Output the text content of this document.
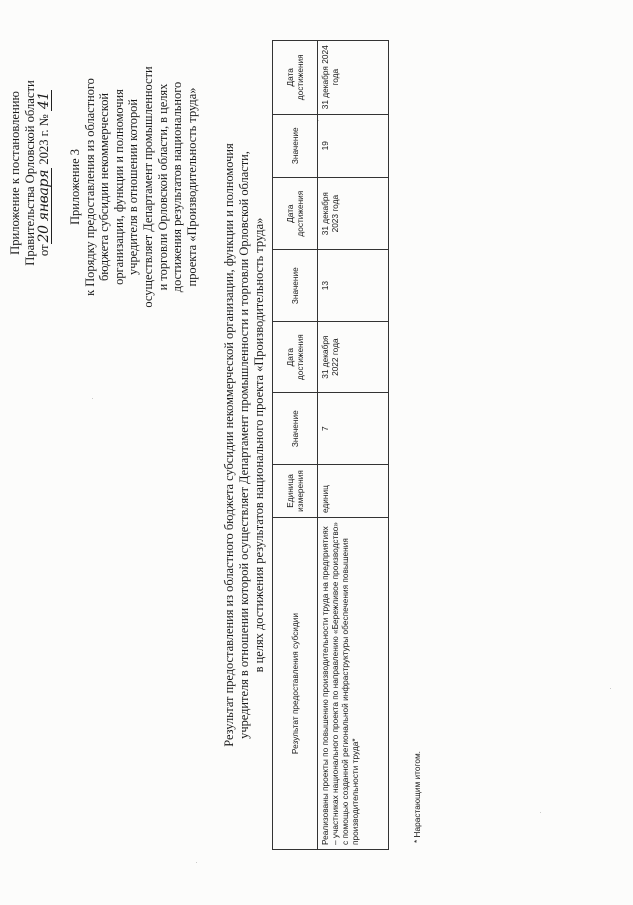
Приложение к постановлению Правительства Орловской области от20января 2023 г. № 41
Приложение 3 к Порядку предоставления из областного бюджета субсидии некоммерческой организации, функции и полномочия учредителя в отношении которой осуществляет Департамент промышленности и торговли Орловской области, в целях достижения результатов национального проекта «Производительность труда» Результат предоставления из областного бюджета субсидии некоммерческой организации, функции и полномочия учредителя в отношении которой осуществляет Департамент промышленности и торговли Орловской области, в целях достижения результатов национального проекта «Производительность труда»
Результат предоставления субсидии	Единица измерения	Значение	Дата достижения	Значение	Дата достижения	Значение	Дата достижения
Реализованы проекты по повышению производительности труда на предприятиях – участниках национального проекта по направлению «Бережливое производство» с помощью созданной региональной инфраструктуры обеспечения повышения производительности труда*	единиц	7	31 декабря 2022 года	13	31 декабря 2023 года	19	31 декабря 2024 года
* Нарастающим итогом.
